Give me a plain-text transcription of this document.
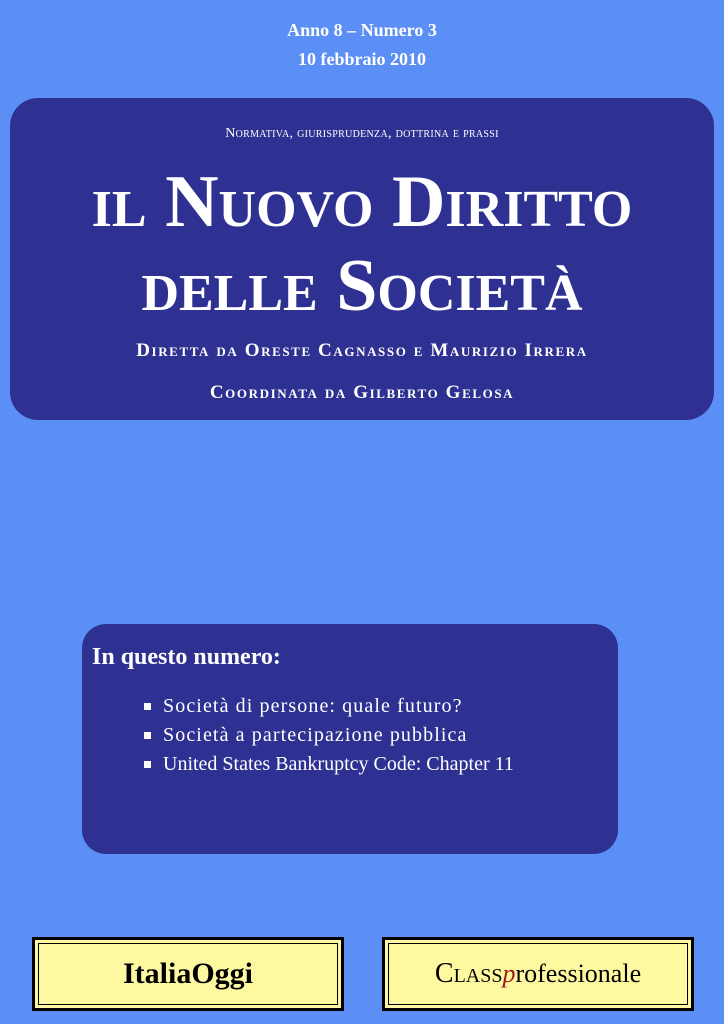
Anno 8 – Numero 3
10 febbraio 2010
Normativa, giurisprudenza, dottrina e prassi
il Nuovo Diritto
delle Società
Diretta da Oreste Cagnasso e Maurizio Irrera
Coordinata da Gilberto Gelosa
In questo numero:
Società di persone: quale futuro?
Società a partecipazione pubblica
United States Bankruptcy Code: Chapter 11
ItaliaOggi	Classprofessionale
